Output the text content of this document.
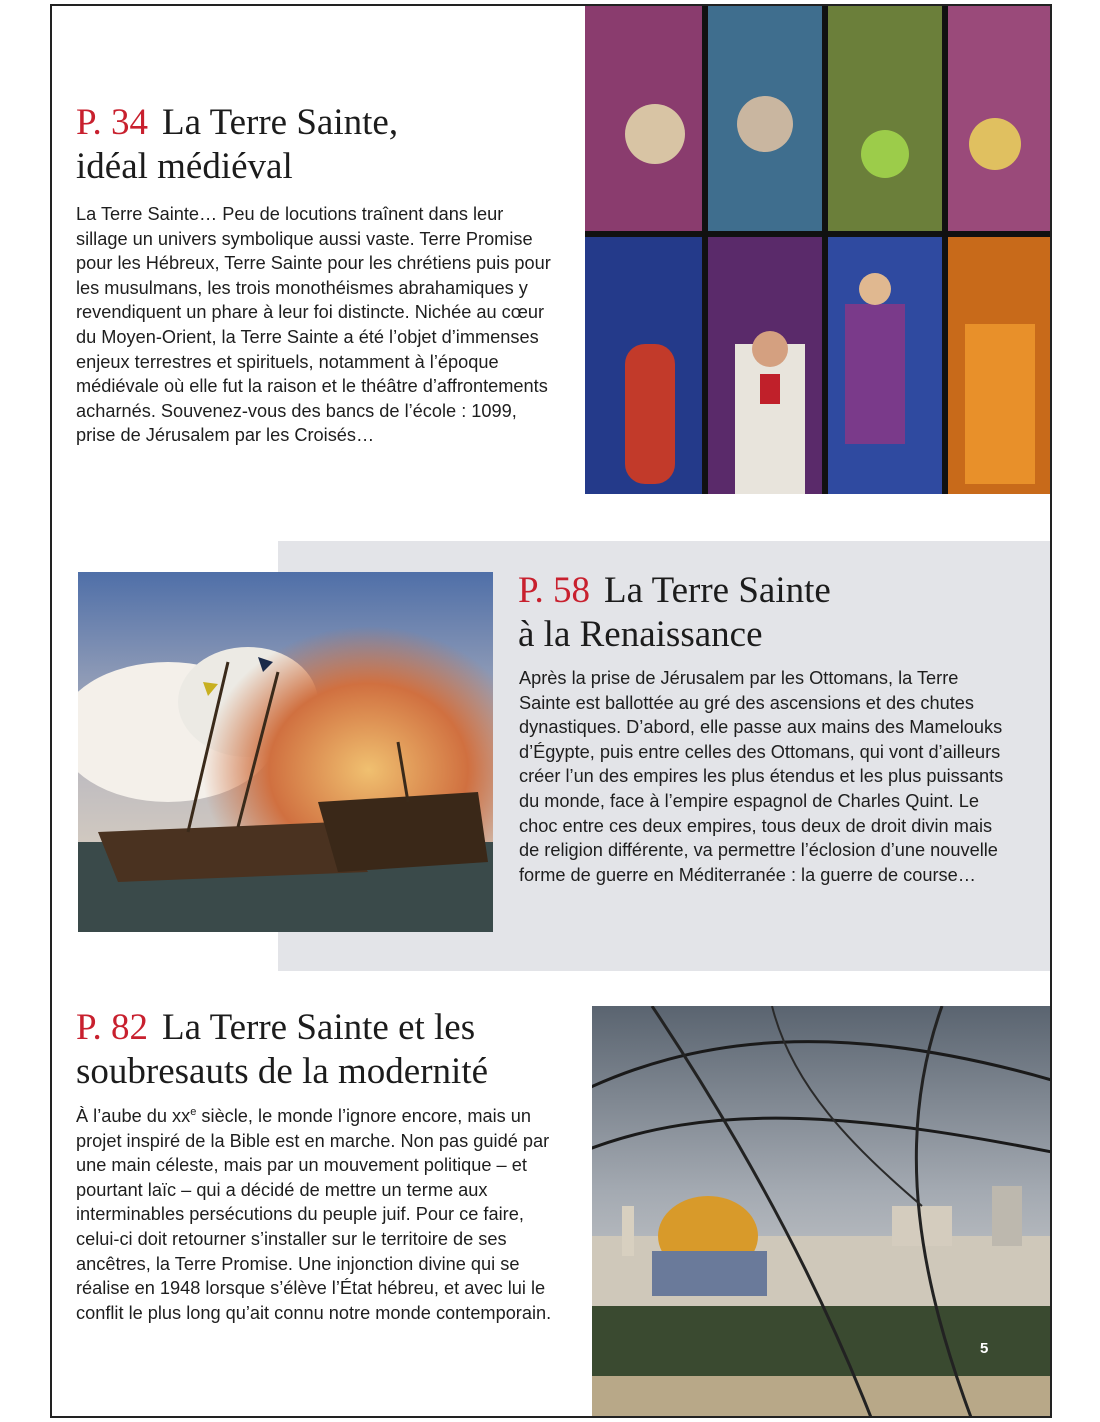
P. 34 La Terre Sainte,
idéal médiéval

La Terre Sainte… Peu de locutions traînent dans leur sillage un univers symbolique aussi vaste. Terre Promise pour les Hébreux, Terre Sainte pour les chrétiens puis pour les musulmans, les trois monothéismes abrahamiques y revendiquent un phare à leur foi distincte. Nichée au cœur du Moyen-Orient, la Terre Sainte a été l’objet d’immenses enjeux terrestres et spirituels, notamment à l’époque médiévale où elle fut la raison et le théâtre d’affrontements acharnés. Souvenez-vous des bancs de l’école : 1099, prise de Jérusalem par les Croisés…

P. 58 La Terre Sainte
à la Renaissance

Après la prise de Jérusalem par les Ottomans, la Terre Sainte est ballottée au gré des ascensions et des chutes dynastiques. D’abord, elle passe aux mains des Mamelouks d’Égypte, puis entre celles des Ottomans, qui vont d’ailleurs créer l’un des empires les plus étendus et les plus puissants du monde, face à l’empire espagnol de Charles Quint. Le choc entre ces deux empires, tous deux de droit divin mais de religion différente, va permettre l’éclosion d’une nouvelle forme de guerre en Méditerranée : la guerre de course…

P. 82 La Terre Sainte et les
soubresauts de la modernité

À l’aube du $xx^e$ siècle, le monde l’ignore encore, mais un projet inspiré de la Bible est en marche. Non pas guidé par une main céleste, mais par un mouvement politique – et pourtant laïc – qui a décidé de mettre un terme aux interminables persécutions du peuple juif. Pour ce faire, celui-ci doit retourner s’installer sur le territoire de ses ancêtres, la Terre Promise. Une injonction divine qui se réalise en 1948 lorsque s’élève l’État hébreu, et avec lui le conflit le plus long qu’ait connu notre monde contemporain.

5
